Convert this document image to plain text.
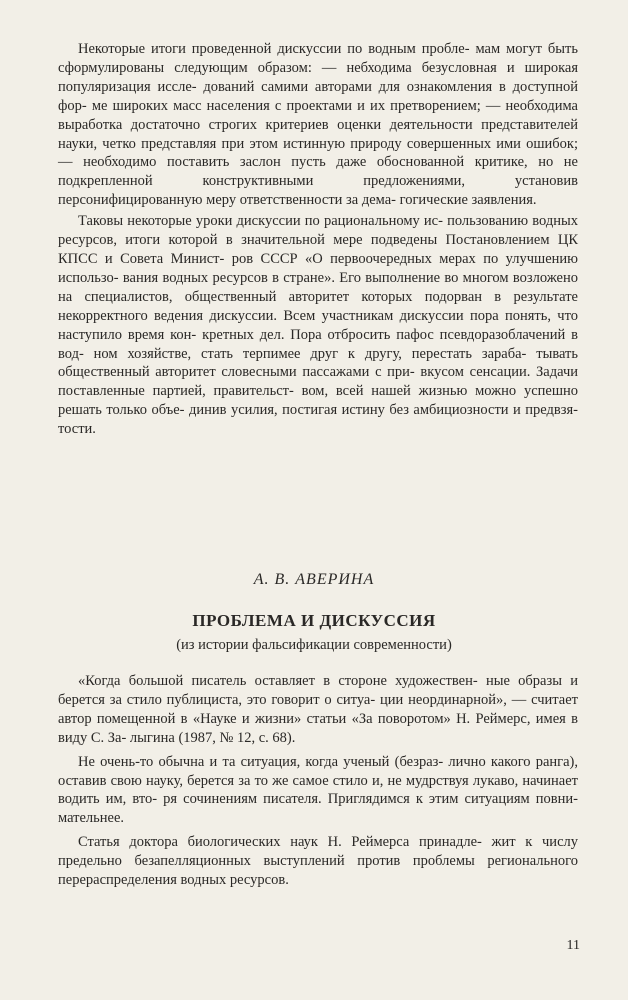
Некоторые итоги проведенной дискуссии по водным пробле- мам могут быть сформулированы следующим образом: — небходима безусловная и широкая популяризация иссле- дований самими авторами для ознакомления в доступной фор- ме широких масс населения с проектами и их претворением; — необходима выработка достаточно строгих критериев оценки деятельности представителей науки, четко представляя при этом истинную природу совершенных ими ошибок; — необходимо поставить заслон пусть даже обоснованной критике, но не подкрепленной конструктивными предложениями, установив персонифицированную меру ответственности за дема- гогические заявления.

Таковы некоторые уроки дискуссии по рациональному ис- пользованию водных ресурсов, итоги которой в значительной мере подведены Постановлением ЦК КПСС и Совета Минист- ров СССР «О первоочередных мерах по улучшению использо- вания водных ресурсов в стране». Его выполнение во многом возложено на специалистов, общественный авторитет которых подорван в результате некорректного ведения дискуссии. Всем участникам дискуссии пора понять, что наступило время кон- кретных дел. Пора отбросить пафос псевдоразоблачений в вод- ном хозяйстве, стать терпимее друг к другу, перестать зараба- тывать общественный авторитет словесными пассажами с при- вкусом сенсации. Задачи поставленные партией, правительст- вом, всей нашей жизнью можно успешно решать только объе- динив усилия, постигая истину без амбициозности и предвзя- тости.

А. В. АВЕРИНА
ПРОБЛЕМА И ДИСКУССИЯ
(из истории фальсификации современности)

«Когда большой писатель оставляет в стороне художествен- ные образы и берется за стило публициста, это говорит о ситуа- ции неординарной», — считает автор помещенной в «Науке и жизни» статьи «За поворотом» Н. Реймерс, имея в виду С. За- лыгина (1987, № 12, с. 68).

Не очень-то обычна и та ситуация, когда ученый (безраз- лично какого ранга), оставив свою науку, берется за то же самое стило и, не мудрствуя лукаво, начинает водить им, вто- ря сочинениям писателя. Приглядимся к этим ситуациям повни- мательнее.

Статья доктора биологических наук Н. Реймерса принадле- жит к числу предельно безапелляционных выступлений против проблемы регионального перераспределения водных ресурсов.

11
